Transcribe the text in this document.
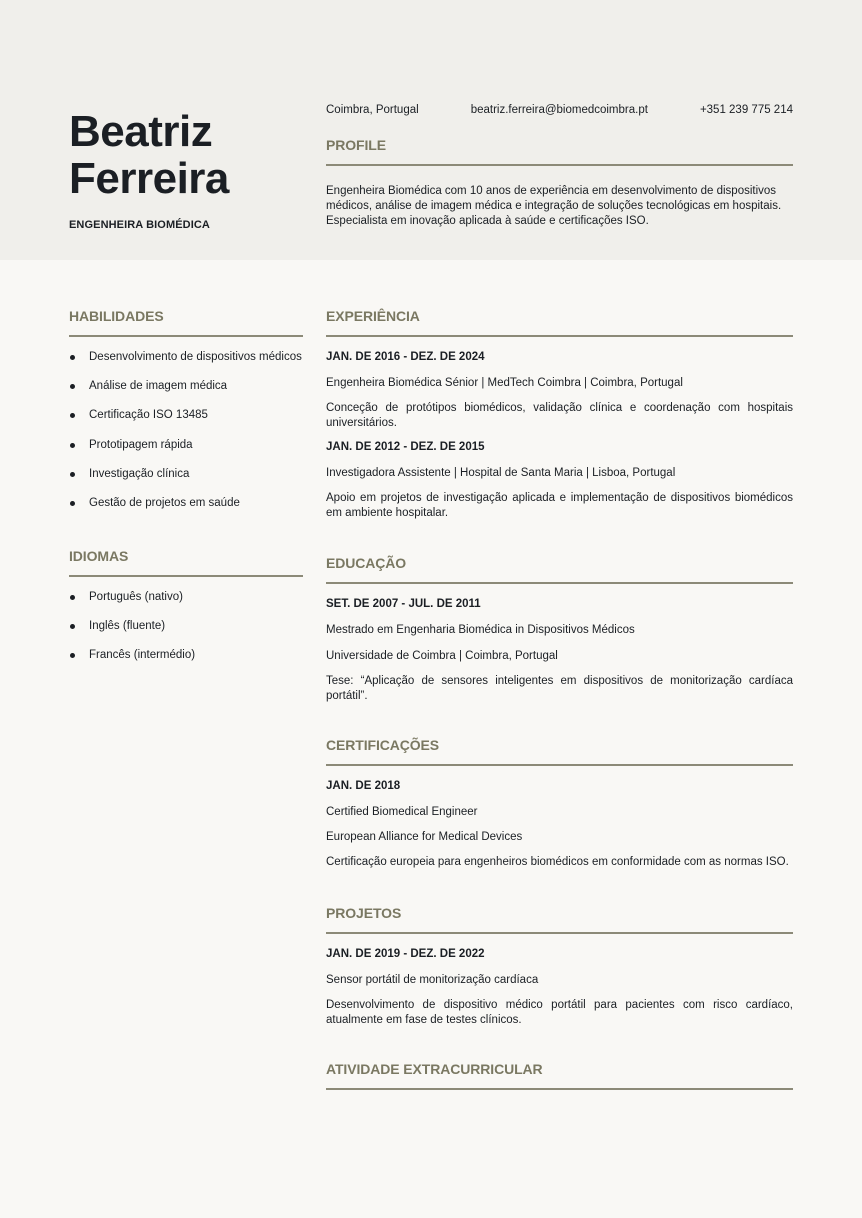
Beatriz
Ferreira
ENGENHEIRA BIOMÉDICA
Coimbra, Portugal	beatriz.ferreira@biomedcoimbra.pt	+351 239 775 214
PROFILE

Engenheira Biomédica com 10 anos de experiência em desenvolvimento de dispositivos médicos, análise de imagem médica e integração de soluções tecnológicas em hospitais. Especialista em inovação aplicada à saúde e certificações ISO.

HABILIDADES
Desenvolvimento de dispositivos médicos
Análise de imagem médica
Certificação ISO 13485
Prototipagem rápida
Investigação clínica
Gestão de projetos em saúde
IDIOMAS
Português (nativo)
Inglês (fluente)
Francês (intermédio)
EXPERIÊNCIA
JAN. DE 2016 - DEZ. DE 2024
Engenheira Biomédica Sénior | MedTech Coimbra | Coimbra, Portugal
Conceção de protótipos biomédicos, validação clínica e coordenação com hospitais universitários.
JAN. DE 2012 - DEZ. DE 2015
Investigadora Assistente | Hospital de Santa Maria | Lisboa, Portugal
Apoio em projetos de investigação aplicada e implementação de dispositivos biomédicos em ambiente hospitalar.
EDUCAÇÃO
SET. DE 2007 - JUL. DE 2011
Mestrado em Engenharia Biomédica in Dispositivos Médicos
Universidade de Coimbra | Coimbra, Portugal
Tese: “Aplicação de sensores inteligentes em dispositivos de monitorização cardíaca portátil”.
CERTIFICAÇÕES
JAN. DE 2018
Certified Biomedical Engineer
European Alliance for Medical Devices
Certificação europeia para engenheiros biomédicos em conformidade com as normas ISO.
PROJETOS
JAN. DE 2019 - DEZ. DE 2022
Sensor portátil de monitorização cardíaca
Desenvolvimento de dispositivo médico portátil para pacientes com risco cardíaco, atualmente em fase de testes clínicos.
ATIVIDADE EXTRACURRICULAR
